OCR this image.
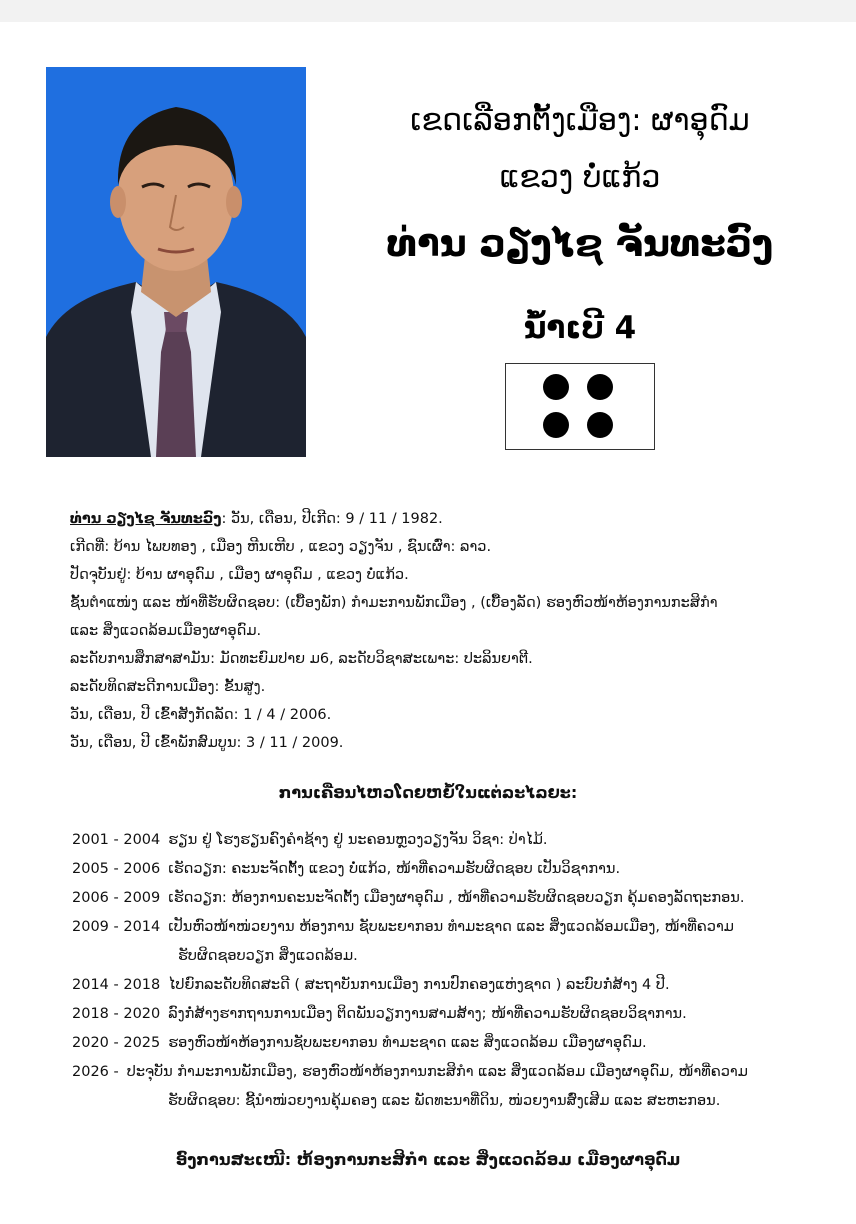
ເຂດເລືອກຕັ້ງເມືອງ: ຜາອຸດົມ
ແຂວງ ບໍ່ແກ້ວ
ທ່ານ ວຽງໄຊ ຈັນທະວົງ
ນໍ້າເບີ 4

ທ່ານ ວຽງໄຊ ຈັນທະວົງ: ວັນ, ເດືອນ, ປີເກີດ: 9 / 11 / 1982.

ເກີດທີ່: ບ້ານ ໄພບທອງ , ເມືອງ ຫີນເຫີບ , ແຂວງ ວຽງຈັນ , ຊົນເຜົ່າ: ລາວ.

ປັດຈຸບັນຢູ່: ບ້ານ ຜາອຸດົມ , ເມືອງ ຜາອຸດົມ , ແຂວງ ບໍ່ແກ້ວ.

ຊັ້ນຕໍາແໜ່ງ ແລະ ໜ້າທີ່ຮັບຜິດຊອບ: (ເບື້ອງພັກ) ກໍາມະການພັກເມືອງ , (ເບື້ອງລັດ) ຮອງຫົວໜ້າຫ້ອງການກະສິກໍາ

ແລະ ສິ່ງແວດລ້ອມເມືອງຜາອຸດົມ.

ລະດັບການສຶກສາສາມັນ: ມັດທະຍົມປາຍ ມ6, ລະດັບວິຊາສະເພາະ: ປະລິນຍາຕີ.

ລະດັບທິດສະດີການເມືອງ: ຂັ້ນສູງ.

ວັນ, ເດືອນ, ປີ ເຂົ້າສັງກັດລັດ: 1 / 4 / 2006.

ວັນ, ເດືອນ, ປີ ເຂົ້າພັກສົມບູນ: 3 / 11 / 2009.

ການເຄື່ອນໄຫວໂດຍຫຍໍ້ໃນແຕ່ລະໄລຍະ:
2001 - 2004 ຮຽນ ຢູ່ ໂຮງຮຽນຄົງຄໍາຊ້າງ ຢູ່ ນະຄອນຫຼວງວຽງຈັນ ວິຊາ: ປ່າໄມ້.
2005 - 2006 ເຮັດວຽກ: ຄະນະຈັດຕັ້ງ ແຂວງ ບໍ່ແກ້ວ, ໜ້າທີ່ຄວາມຮັບຜິດຊອບ ເປັນວິຊາການ.
2006 - 2009 ເຮັດວຽກ: ຫ້ອງການຄະນະຈັດຕັ້ງ ເມືອງຜາອຸດົມ , ໜ້າທີ່ຄວາມຮັບຜິດຊອບວຽກ ຄຸ້ມຄອງລັດຖະກອນ.
2009 - 2014 ເປັນຫົວໜ້າໜ່ວຍງານ ຫ້ອງການ ຊັບພະຍາກອນ ທໍາມະຊາດ ແລະ ສິ່ງແວດລ້ອມເມືອງ, ໜ້າທີ່ຄວາມ
ຮັບຜິດຊອບວຽກ ສິ່ງແວດລ້ອມ.
2014 - 2018 ໄປຍົກລະດັບທິດສະດີ ( ສະຖາບັນການເມືອງ ການປົກຄອງແຫ່ງຊາດ ) ລະບົບກໍ່ສ້າງ 4 ປີ.
2018 - 2020 ລົງກໍ່ສ້າງຮາກຖານການເມືອງ ຕິດພັນວຽກງານສາມສ້າງ; ໜ້າທີ່ຄວາມຮັບຜິດຊອບວິຊາການ.
2020 - 2025 ຮອງຫົວໜ້າຫ້ອງການຊັບພະຍາກອນ ທໍາມະຊາດ ແລະ ສິ່ງແວດລ້ອມ ເມືອງຜາອຸດົມ.
2026 - ປະຈຸບັນ ກໍາມະການພັກເມືອງ, ຮອງຫົວໜ້າຫ້ອງການກະສິກໍາ ແລະ ສິ່ງແວດລ້ອມ ເມືອງຜາອຸດົມ, ໜ້າທີ່ຄວາມ
ຮັບຜິດຊອບ: ຊີ້ນໍາໜ່ວຍງານຄຸ້ມຄອງ ແລະ ພັດທະນາທີ່ດິນ, ໜ່ວຍງານສົ່ງເສີມ ແລະ ສະຫະກອນ.
ອົງການສະເໜີ: ຫ້ອງການກະສິກໍາ ແລະ ສິ່ງແວດລ້ອມ ເມືອງຜາອຸດົມ
